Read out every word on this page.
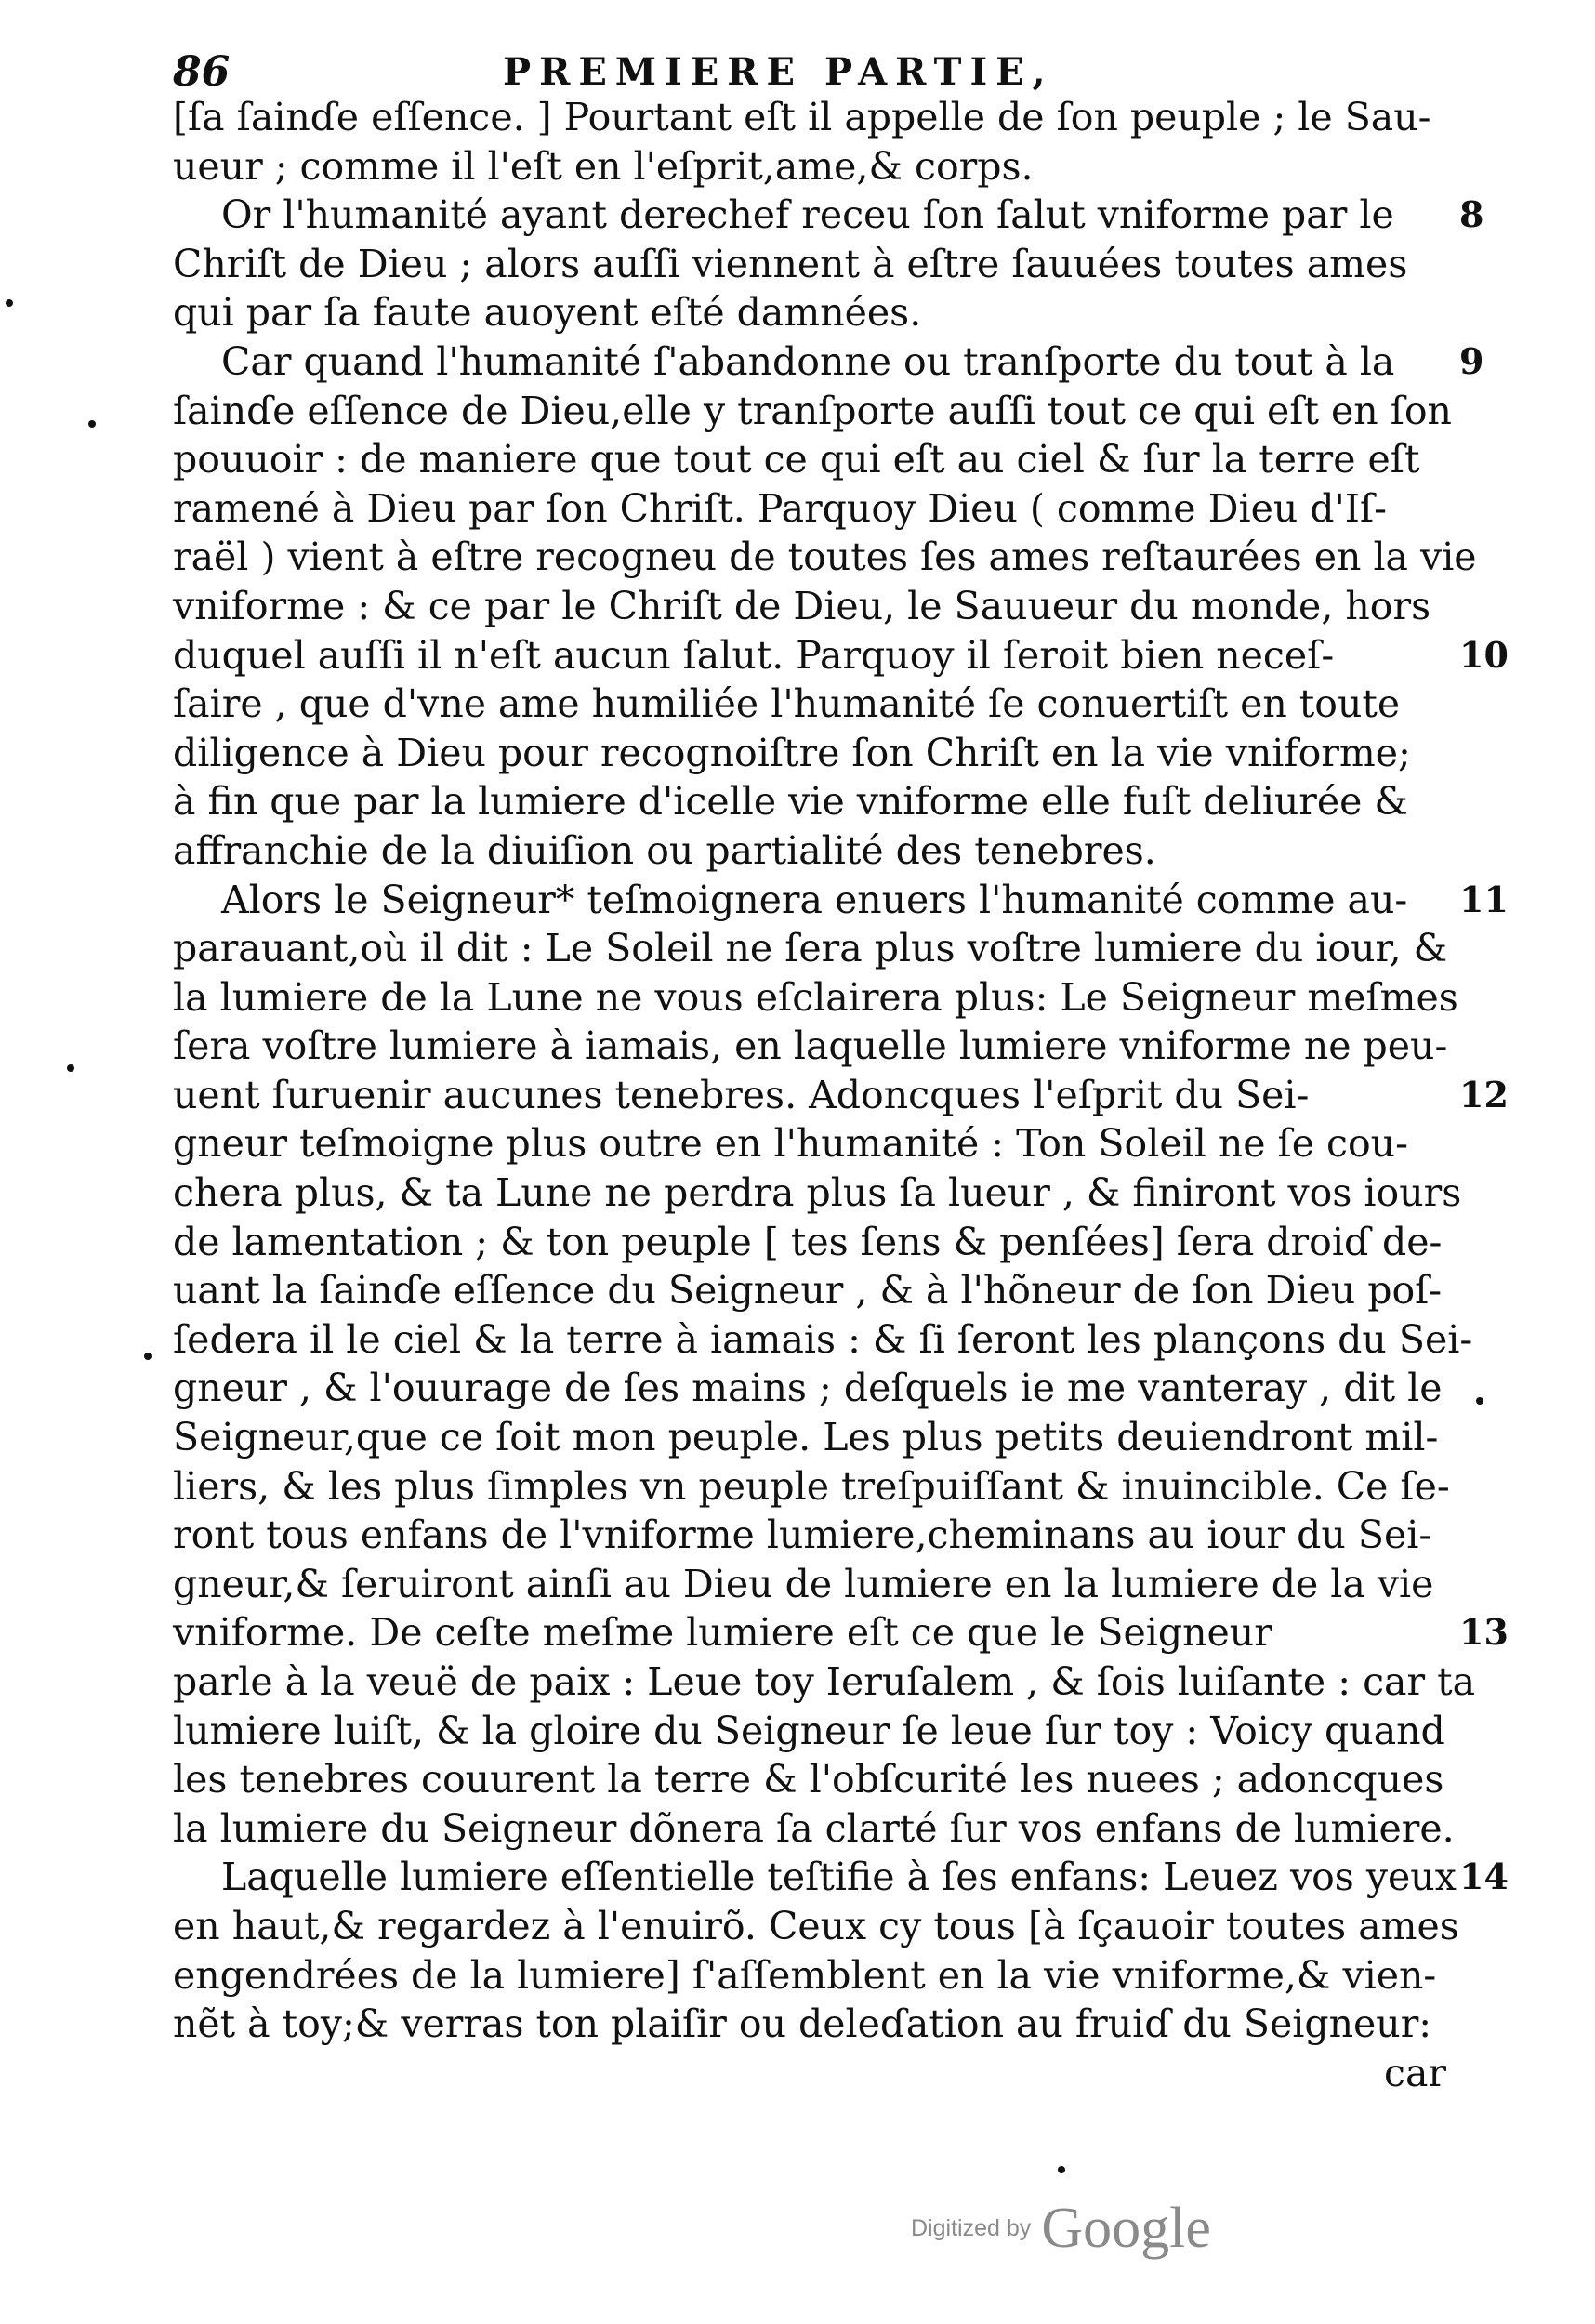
86	PREMIERE PARTIE,
[ſa ſainɗe eſſence. ] Pourtant eſt il appelle de ſon peuple ; le Sau-
ueur ; comme il l'eſt en l'eſprit,ame,& corps.
Or l'humanité ayant derechef receu ſon ſalut vniforme par le 8
Chriſt de Dieu ; alors auſſi viennent à eſtre ſauuées toutes ames
qui par ſa faute auoyent eſté damnées.
Car quand l'humanité ſ'abandonne ou tranſporte du tout à la 9
ſainɗe eſſence de Dieu,elle y tranſporte auſſi tout ce qui eſt en ſon
pouuoir : de maniere que tout ce qui eſt au ciel & ſur la terre eſt
ramené à Dieu par ſon Chriſt. Parquoy Dieu ( comme Dieu d'Iſ-
raël ) vient à eſtre recogneu de toutes ſes ames reſtaurées en la vie
vniforme : & ce par le Chriſt de Dieu, le Sauueur du monde, hors
duquel auſſi il n'eſt aucun ſalut. Parquoy il ſeroit bien neceſ-	10
ſaire , que d'vne ame humiliée l'humanité ſe conuertiſt en toute
diligence à Dieu pour recognoiſtre ſon Chriſt en la vie vniforme;
à fin que par la lumiere d'icelle vie vniforme elle fuſt deliurée &
affranchie de la diuiſion ou partialité des tenebres.
Alors le Seigneur* teſmoignera enuers l'humanité comme au- 11
parauant,où il dit : Le Soleil ne ſera plus voſtre lumiere du iour, &
la lumiere de la Lune ne vous eſclairera plus: Le Seigneur meſmes
ſera voſtre lumiere à iamais, en laquelle lumiere vniforme ne peu-
uent ſuruenir aucunes tenebres. Adoncques l'eſprit du Sei-	12
gneur teſmoigne plus outre en l'humanité : Ton Soleil ne ſe cou-
chera plus, & ta Lune ne perdra plus ſa lueur , & finiront vos iours
de lamentation ; & ton peuple [ tes ſens & penſées] ſera droiɗ de-
uant la ſainɗe eſſence du Seigneur , & à l'hõneur de ſon Dieu poſ-
ſedera il le ciel & la terre à iamais : & ſi ſeront les plançons du Sei-
gneur , & l'ouurage de ſes mains ; deſquels ie me vanteray , dit le
Seigneur,que ce ſoit mon peuple. Les plus petits deuiendront mil-
liers, & les plus ſimples vn peuple treſpuiſſant & inuincible. Ce ſe-
ront tous enfans de l'vniforme lumiere,cheminans au iour du Sei-
gneur,& ſeruiront ainſi au Dieu de lumiere en la lumiere de la vie
vniforme. De ceſte meſme lumiere eſt ce que le Seigneur	13
parle à la veuë de paix : Leue toy Ieruſalem , & ſois luiſante : car ta
lumiere luiſt, & la gloire du Seigneur ſe leue ſur toy : Voicy quand
les tenebres couurent la terre & l'obſcurité les nuees ; adoncques
la lumiere du Seigneur dõnera ſa clarté ſur vos enfans de lumiere.
Laquelle lumiere eſſentielle teſtifie à ſes enfans: Leuez vos yeux 14
en haut,& regardez à l'enuirõ. Ceux cy tous [à ſçauoir toutes ames
engendrées de la lumiere] ſ'aſſemblent en la vie vniforme,& vien-
nẽt à toy;& verras ton plaiſir ou deleɗation au fruiɗ du Seigneur:
car
Digitized by Google
